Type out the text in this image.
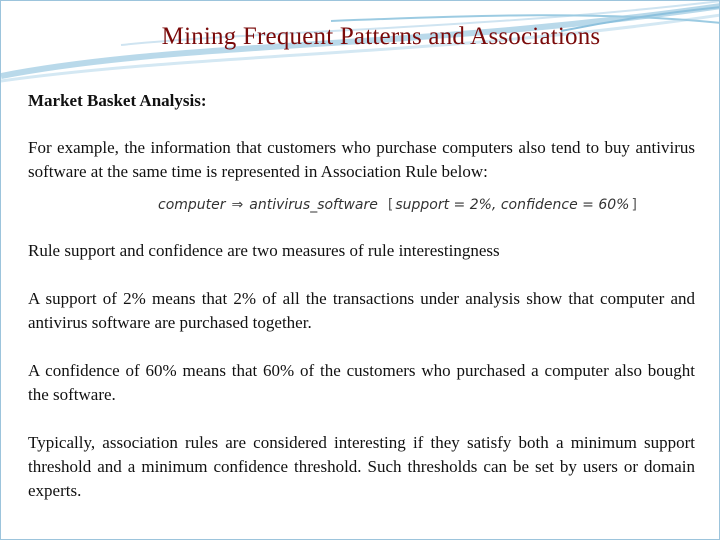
Mining Frequent Patterns and Associations

Market Basket Analysis:

For example, the information that customers who purchase computers also tend to buy antivirus software at the same time is represented in Association Rule below:

Rule support and confidence are two measures of rule interestingness

A support of 2% means that 2% of all the transactions under analysis show that computer and antivirus software are purchased together.

A confidence of 60% means that 60% of the customers who purchased a computer also bought the software.

Typically, association rules are considered interesting if they satisfy both a minimum support threshold and a minimum confidence threshold. Such thresholds can be set by users or domain experts.

computer ⇒ antivirus_software [ support = 2%, confidence = 60% ]
